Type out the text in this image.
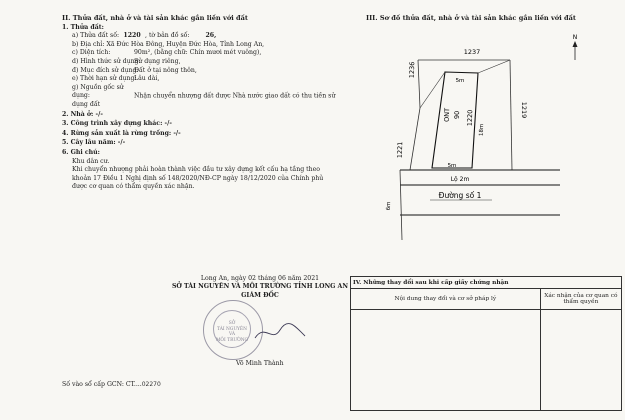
II. Thửa đất, nhà ở và tài sản khác gắn liền với đất
1. Thửa đất:
a) Thửa đất số: 1220 , tờ bản đồ số:	26,
b) Địa chỉ: Xã Đức Hòa Đông, Huyện Đức Hòa, Tỉnh Long An,
c) Diện tích:	90m², (bằng chữ: Chín mươi mét vuông),
d) Hình thức sử dụng:Sử dụng riêng,
đ) Mục đích sử dụng:Đất ở tại nông thôn,
e) Thời hạn sử dụng:Lâu dài,
g) Nguồn gốc sử dụng:	Nhận chuyển nhượng đất được Nhà nước giao đất có thu tiền sử dụng đất
2. Nhà ở: -/-
3. Công trình xây dựng khác: -/-
4. Rừng sản xuất là rừng trồng: -/-
5. Cây lâu năm: -/-
6. Ghi chú:
Khu dân cư.
Khi chuyển nhượng phải hoàn thành việc đầu tư xây dựng kết cấu hạ tầng theo khoản 17 Điều 1 Nghị định số 148/2020/NĐ-CP ngày 18/12/2020 của Chính phủ được cơ quan có thẩm quyền xác nhận.
III. Sơ đồ thửa đất, nhà ở và tài sản khác gắn liền với đất
N
1237
1236
1219
1221
5m
ONT 90 1220
18m
5m
Lộ 2m
Đường số 1
6m
Long An, ngày 02 tháng 06 năm 2021
SỞ TÀI NGUYÊN VÀ MÔI TRƯỜNG TỈNH LONG AN
GIÁM ĐỐC
SỞ
TÀI NGUYÊN VÀ
MÔI TRƯỜNG
Võ Minh Thành
Số vào sổ cấp GCN: CT....02270
IV. Những thay đổi sau khi cấp giấy chứng nhận	
Nội dung thay đổi và cơ sở pháp lý	Xác nhận của cơ quan có thẩm quyền
